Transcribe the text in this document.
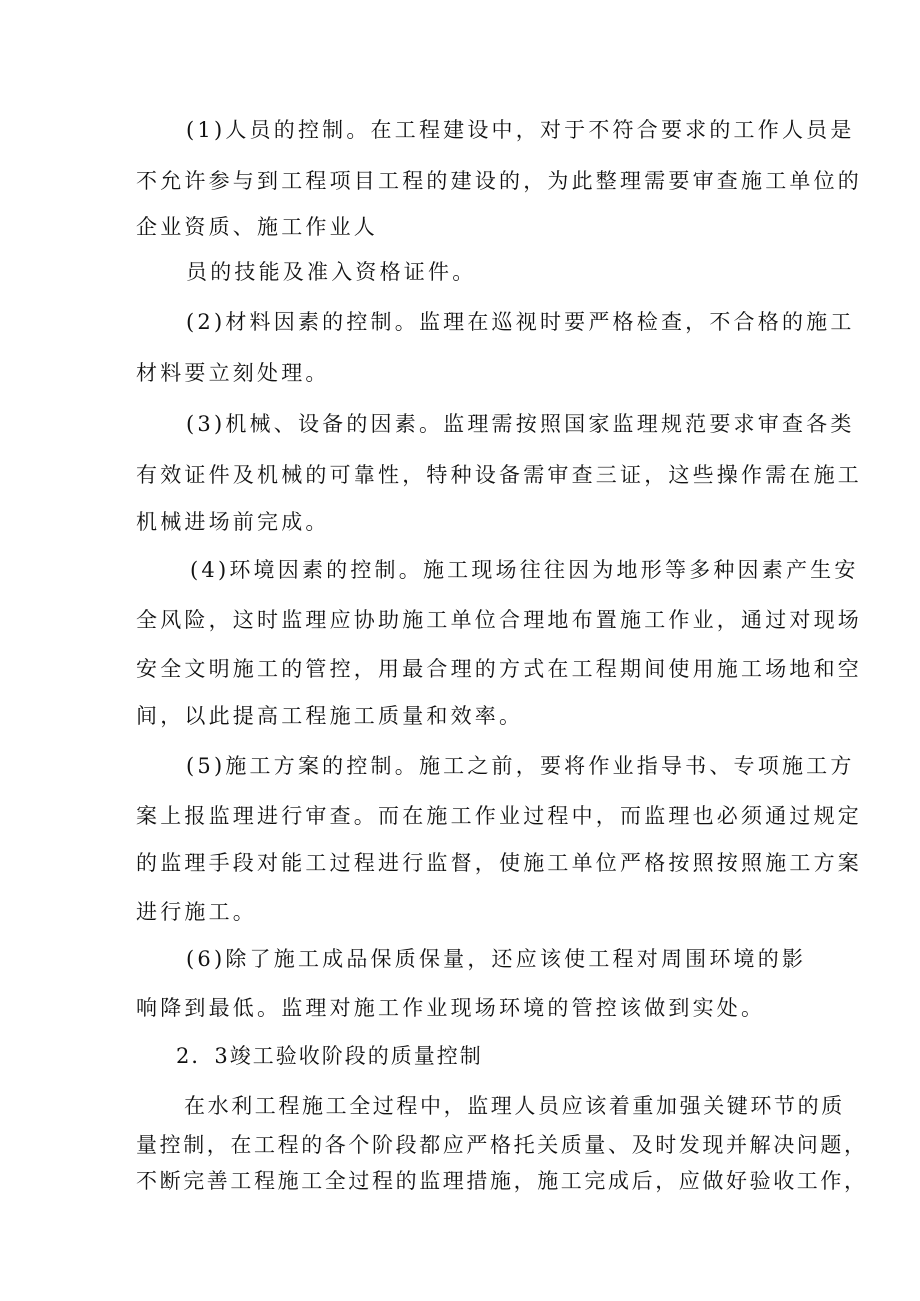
(1)人员的控制。在工程建设中，对于不符合要求的工作人员是
不允许参与到工程项目工程的建设的，为此整理需要审查施工单位的
企业资质、施工作业人
员的技能及准入资格证件。
(2)材料因素的控制。监理在巡视时要严格检查，不合格的施工
材料要立刻处理。
(3)机械、设备的因素。监理需按照国家监理规范要求审查各类
有效证件及机械的可靠性，特种设备需审查三证，这些操作需在施工
机械进场前完成。
(4)环境因素的控制。施工现场往往因为地形等多种因素产生安
全风险，这时监理应协助施工单位合理地布置施工作业，通过对现场
安全文明施工的管控，用最合理的方式在工程期间使用施工场地和空
间，以此提高工程施工质量和效率。
(5)施工方案的控制。施工之前，要将作业指导书、专项施工方
案上报监理进行审查。而在施工作业过程中，而监理也必须通过规定
的监理手段对能工过程进行监督，使施工单位严格按照按照施工方案
进行施工。
(6)除了施工成品保质保量，还应该使工程对周围环境的影
响降到最低。监理对施工作业现场环境的管控该做到实处。
2．3竣工验收阶段的质量控制
在水利工程施工全过程中，监理人员应该着重加强关键环节的质
量控制，在工程的各个阶段都应严格托关质量、及时发现并解决问题，
不断完善工程施工全过程的监理措施，施工完成后，应做好验收工作，
